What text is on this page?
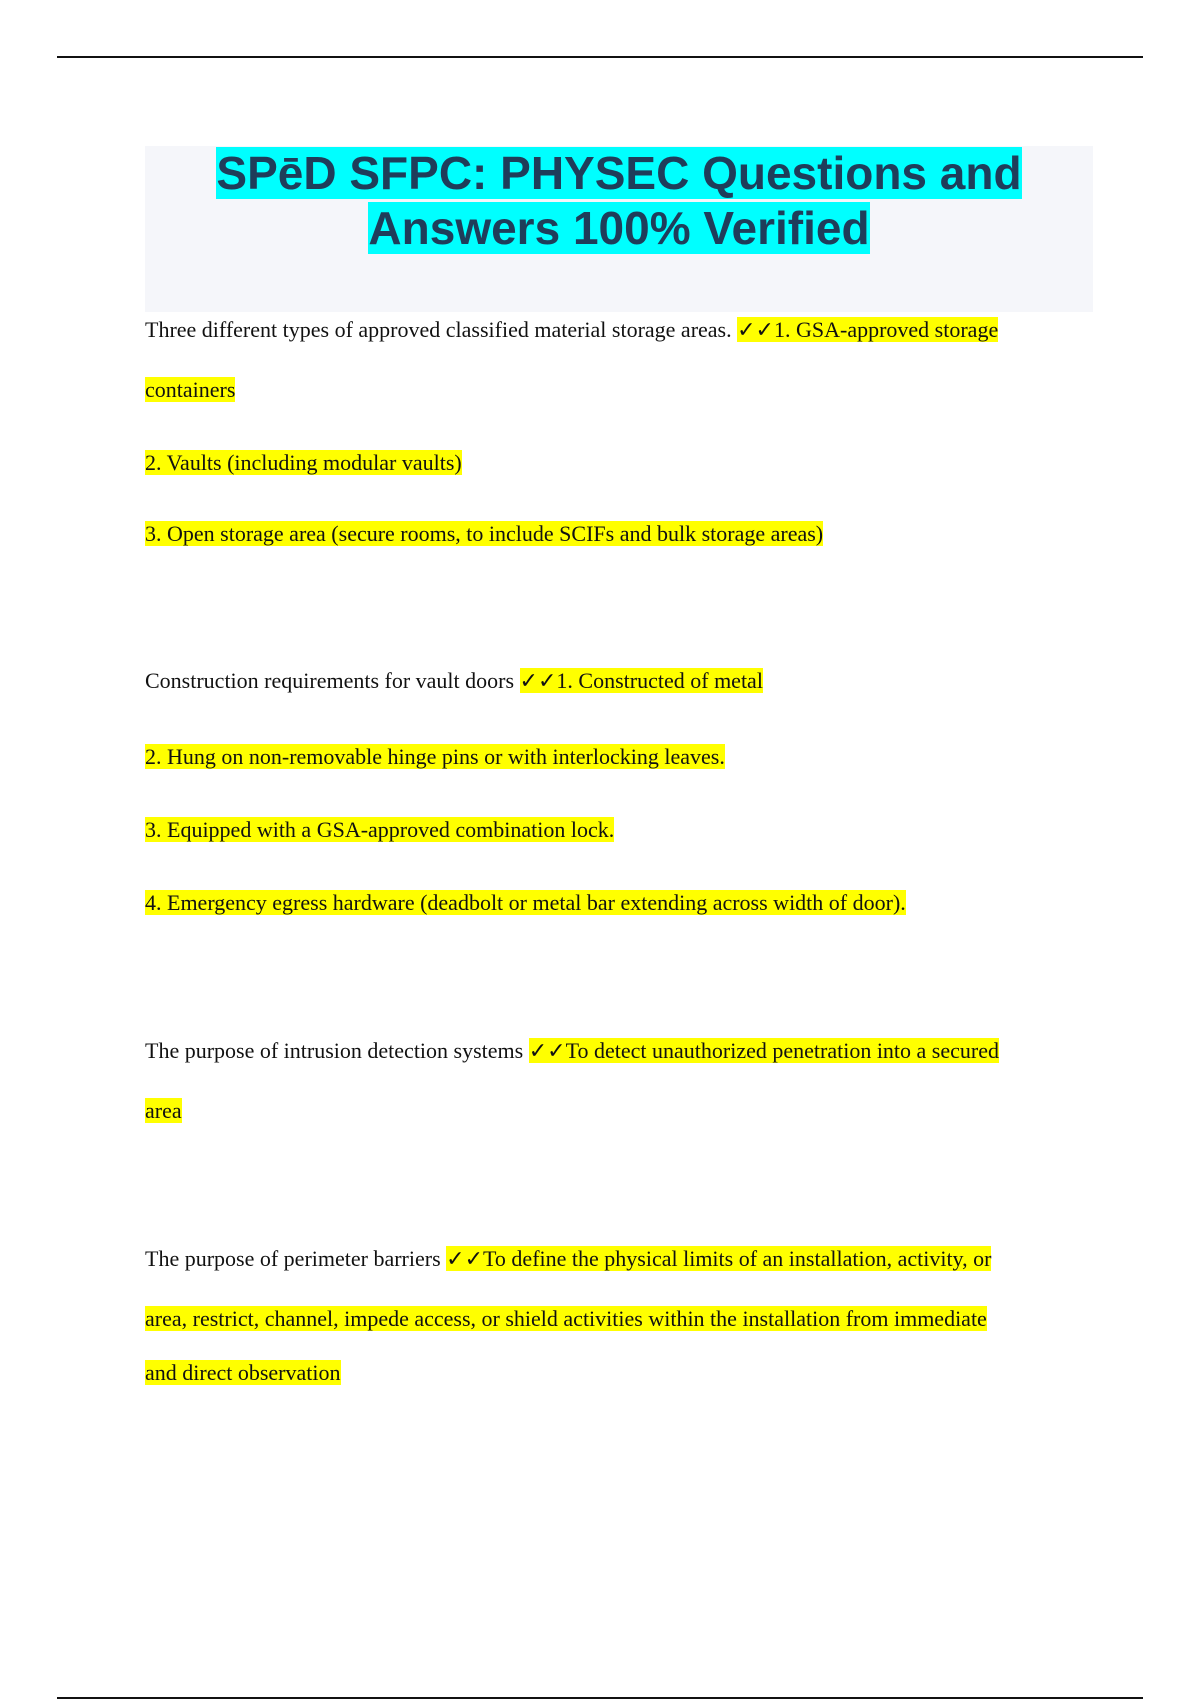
SPēD SFPC: PHYSEC Questions and
Answers 100% Verified
Three different types of approved classified material storage areas. ✓✓1. GSA-approved storage
containers
2. Vaults (including modular vaults)
3. Open storage area (secure rooms, to include SCIFs and bulk storage areas)
Construction requirements for vault doors ✓✓1. Constructed of metal
2. Hung on non-removable hinge pins or with interlocking leaves.
3. Equipped with a GSA-approved combination lock.
4. Emergency egress hardware (deadbolt or metal bar extending across width of door).
The purpose of intrusion detection systems ✓✓To detect unauthorized penetration into a secured
area
The purpose of perimeter barriers ✓✓To define the physical limits of an installation, activity, or
area, restrict, channel, impede access, or shield activities within the installation from immediate
and direct observation
